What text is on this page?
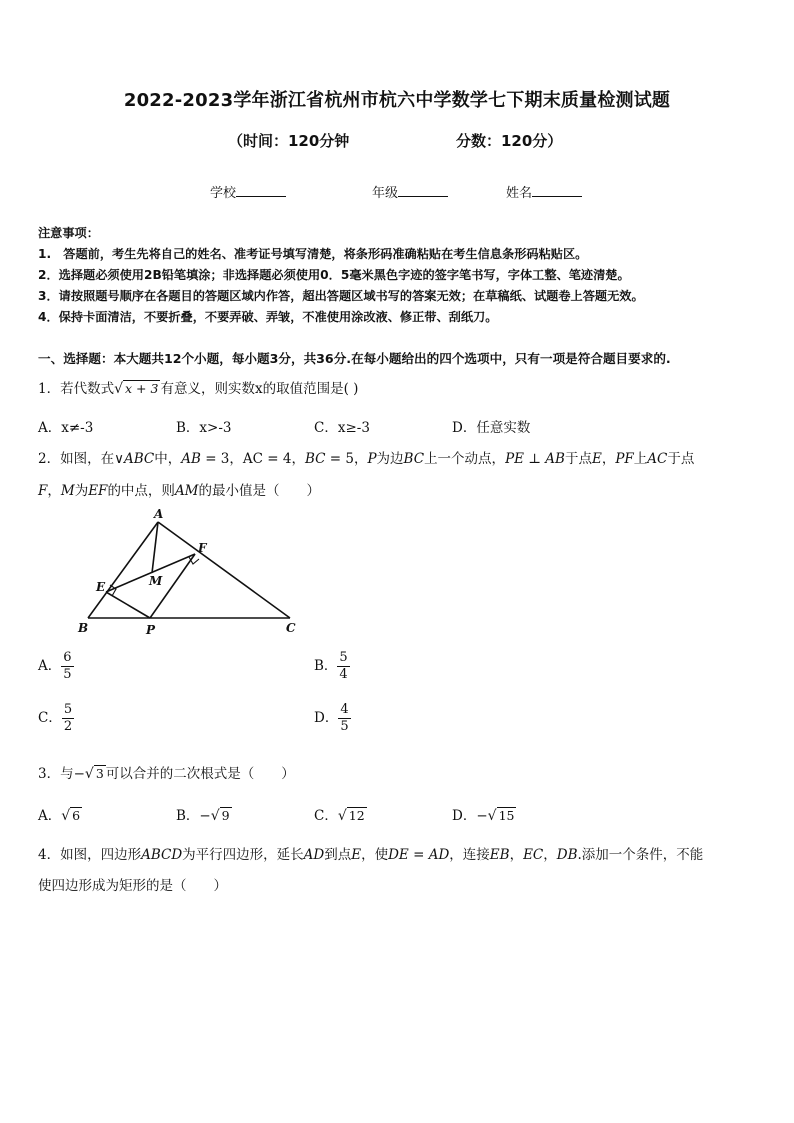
2022-2023学年浙江省杭州市杭六中学数学七下期末质量检测试题
（时间：120分钟	分数：120分）
学校	年级	姓名
注意事项：
1.　答题前，考生先将自己的姓名、准考证号填写清楚，将条形码准确粘贴在考生信息条形码粘贴区。
2．选择题必须使用2B铅笔填涂；非选择题必须使用0．5毫米黑色字迹的签字笔书写，字体工整、笔迹清楚。
3．请按照题号顺序在各题目的答题区域内作答，超出答题区域书写的答案无效；在草稿纸、试题卷上答题无效。
4．保持卡面清洁，不要折叠，不要弄破、弄皱，不准使用涂改液、修正带、刮纸刀。
一、选择题：本大题共12个小题，每小题3分，共36分.在每小题给出的四个选项中，只有一项是符合题目要求的.
1．若代数式√ x + 3 有意义，则实数x的取值范围是( )
A．x≠-3	B．x>-3	C．x≥-3	D．任意实数
2．如图，在∨ABC中，AB = 3，AC = 4，BC = 5，P为边BC上一个动点，PE ⊥ AB于点E，PF上AC于点
F，M为EF的中点，则AM的最小值是（　　）
A
B	C
E
F
M
P
A． $\frac{6}{5}$	B． $\frac{5}{4}$
C． $\frac{5}{2}$	D． $\frac{4}{5}$
3．与−√ 3 可以合并的二次根式是（　　）
A．√ 6	B．−√ 9	C．√ 12	D．−√ 15
4．如图，四边形ABCD为平行四边形，延长AD到点E，使DE = AD，连接EB，EC，DB.添加一个条件，不能
使四边形成为矩形的是（　　）
